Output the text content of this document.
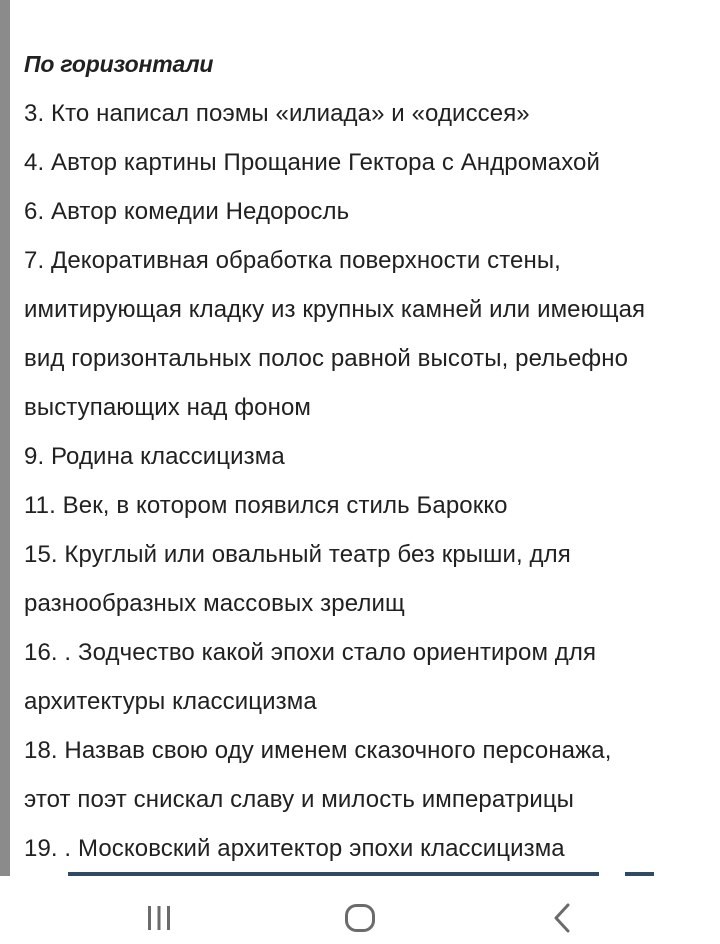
По горизонтали
3. Кто написал поэмы «илиада» и «одиссея»
4. Автор картины Прощание Гектора с Андромахой
6. Автор комедии Недоросль
7. Декоративная обработка поверхности стены,
имитирующая кладку из крупных камней или имеющая
вид горизонтальных полос равной высоты, рельефно
выступающих над фоном
9. Родина классицизма
11. Век, в котором появился стиль Барокко
15. Круглый или овальный театр без крыши, для
разнообразных массовых зрелищ
16. . Зодчество какой эпохи стало ориентиром для
архитектуры классицизма
18. Назвав свою оду именем сказочного персонажа,
этот поэт снискал славу и милость императрицы
19. . Московский архитектор эпохи классицизма
